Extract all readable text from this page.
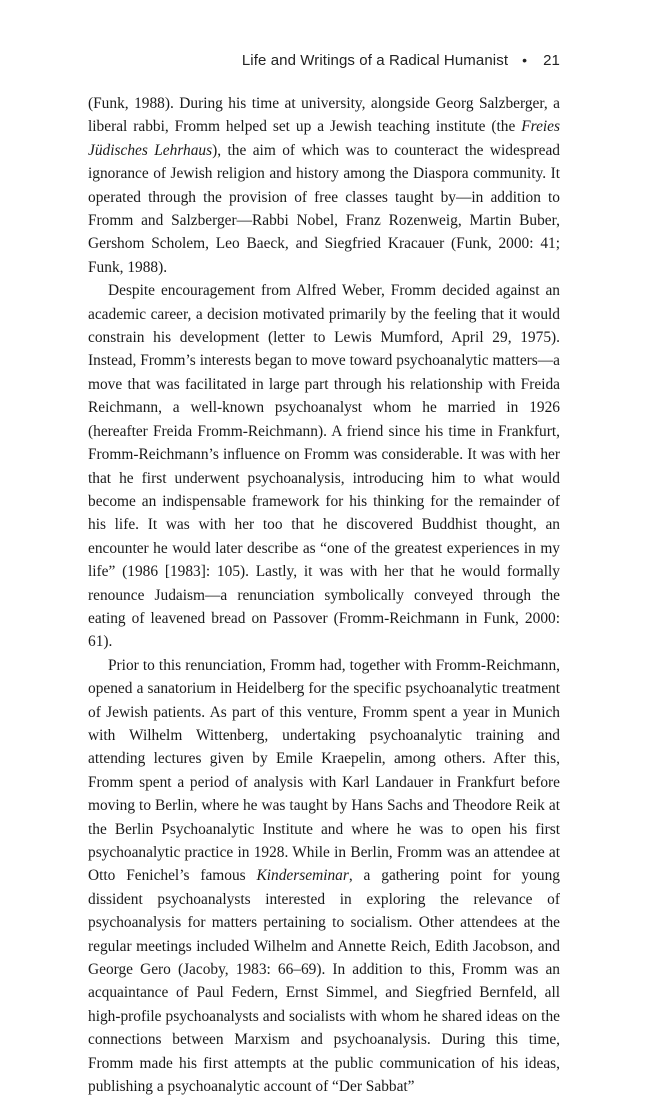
Life and Writings of a Radical Humanist • 21

(Funk, 1988). During his time at university, alongside Georg Salzberger, a liberal rabbi, Fromm helped set up a Jewish teaching institute (the Freies Jüdisches Lehrhaus), the aim of which was to counteract the widespread ignorance of Jewish religion and history among the Diaspora community. It operated through the provision of free classes taught by—in addition to Fromm and Salzberger—Rabbi Nobel, Franz Rozenweig, Martin Buber, Gershom Scholem, Leo Baeck, and Siegfried Kracauer (Funk, 2000: 41; Funk, 1988).

Despite encouragement from Alfred Weber, Fromm decided against an academic career, a decision motivated primarily by the feeling that it would constrain his development (letter to Lewis Mumford, April 29, 1975). Instead, Fromm’s interests began to move toward psychoanalytic matters—a move that was facilitated in large part through his relationship with Freida Reichmann, a well-known psychoanalyst whom he married in 1926 (hereafter Freida Fromm-Reichmann). A friend since his time in Frankfurt, Fromm-Reichmann’s influence on Fromm was considerable. It was with her that he first underwent psychoanalysis, introducing him to what would become an indispensable framework for his thinking for the remainder of his life. It was with her too that he discovered Buddhist thought, an encounter he would later describe as “one of the greatest experiences in my life” (1986 [1983]: 105). Lastly, it was with her that he would formally renounce Judaism—a renunciation symbolically conveyed through the eating of leavened bread on Passover (Fromm-Reichmann in Funk, 2000: 61).

Prior to this renunciation, Fromm had, together with Fromm-Reichmann, opened a sanatorium in Heidelberg for the specific psychoanalytic treatment of Jewish patients. As part of this venture, Fromm spent a year in Munich with Wilhelm Wittenberg, undertaking psychoanalytic training and attending lectures given by Emile Kraepelin, among others. After this, Fromm spent a period of analysis with Karl Landauer in Frankfurt before moving to Berlin, where he was taught by Hans Sachs and Theodore Reik at the Berlin Psychoanalytic Institute and where he was to open his first psychoanalytic practice in 1928. While in Berlin, Fromm was an attendee at Otto Fenichel’s famous Kinderseminar, a gathering point for young dissident psychoanalysts interested in exploring the relevance of psychoanalysis for matters pertaining to socialism. Other attendees at the regular meetings included Wilhelm and Annette Reich, Edith Jacobson, and George Gero (Jacoby, 1983: 66–69). In addition to this, Fromm was an acquaintance of Paul Federn, Ernst Simmel, and Siegfried Bernfeld, all high-profile psychoanalysts and socialists with whom he shared ideas on the connections between Marxism and psychoanalysis. During this time, Fromm made his first attempts at the public communication of his ideas, publishing a psychoanalytic account of “Der Sabbat”
